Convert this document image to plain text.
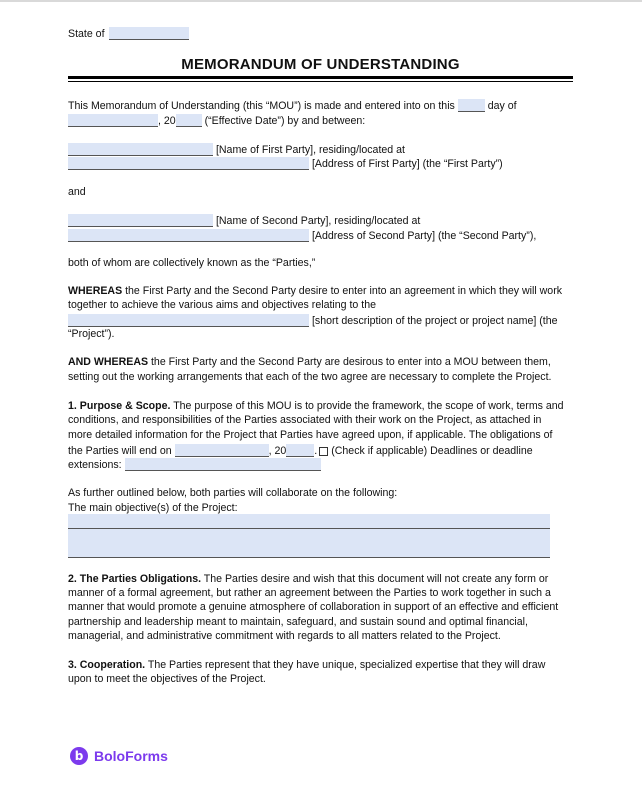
State of
MEMORANDUM OF UNDERSTANDING
This Memorandum of Understanding (this “MOU”) is made and entered into on this	day of
, 20	(“Effective Date”) by and between:
[Name of First Party], residing/located at
[Address of First Party] (the “First Party”)
and
[Name of Second Party], residing/located at
[Address of Second Party] (the “Second Party”),
both of whom are collectively known as the “Parties,”
WHEREAS the First Party and the Second Party desire to enter into an agreement in which they will work
together to achieve the various aims and objectives relating to the
[short description of the project or project name] (the
“Project”).
AND WHEREAS the First Party and the Second Party are desirous to enter into a MOU between them,
setting out the working arrangements that each of the two agree are necessary to complete the Project.
1. Purpose & Scope. The purpose of this MOU is to provide the framework, the scope of work, terms and
conditions, and responsibilities of the Parties associated with their work on the Project, as attached in
more detailed information for the Project that Parties have agreed upon, if applicable. The obligations of
the Parties will end on	, 20	. (Check if applicable) Deadlines or deadline
extensions:
As further outlined below, both parties will collaborate on the following:
The main objective(s) of the Project:
2. The Parties Obligations. The Parties desire and wish that this document will not create any form or
manner of a formal agreement, but rather an agreement between the Parties to work together in such a
manner that would promote a genuine atmosphere of collaboration in support of an effective and efficient
partnership and leadership meant to maintain, safeguard, and sustain sound and optimal financial,
managerial, and administrative commitment with regards to all matters related to the Project.
3. Cooperation. The Parties represent that they have unique, specialized expertise that they will draw
upon to meet the objectives of the Project.
b BoloForms
